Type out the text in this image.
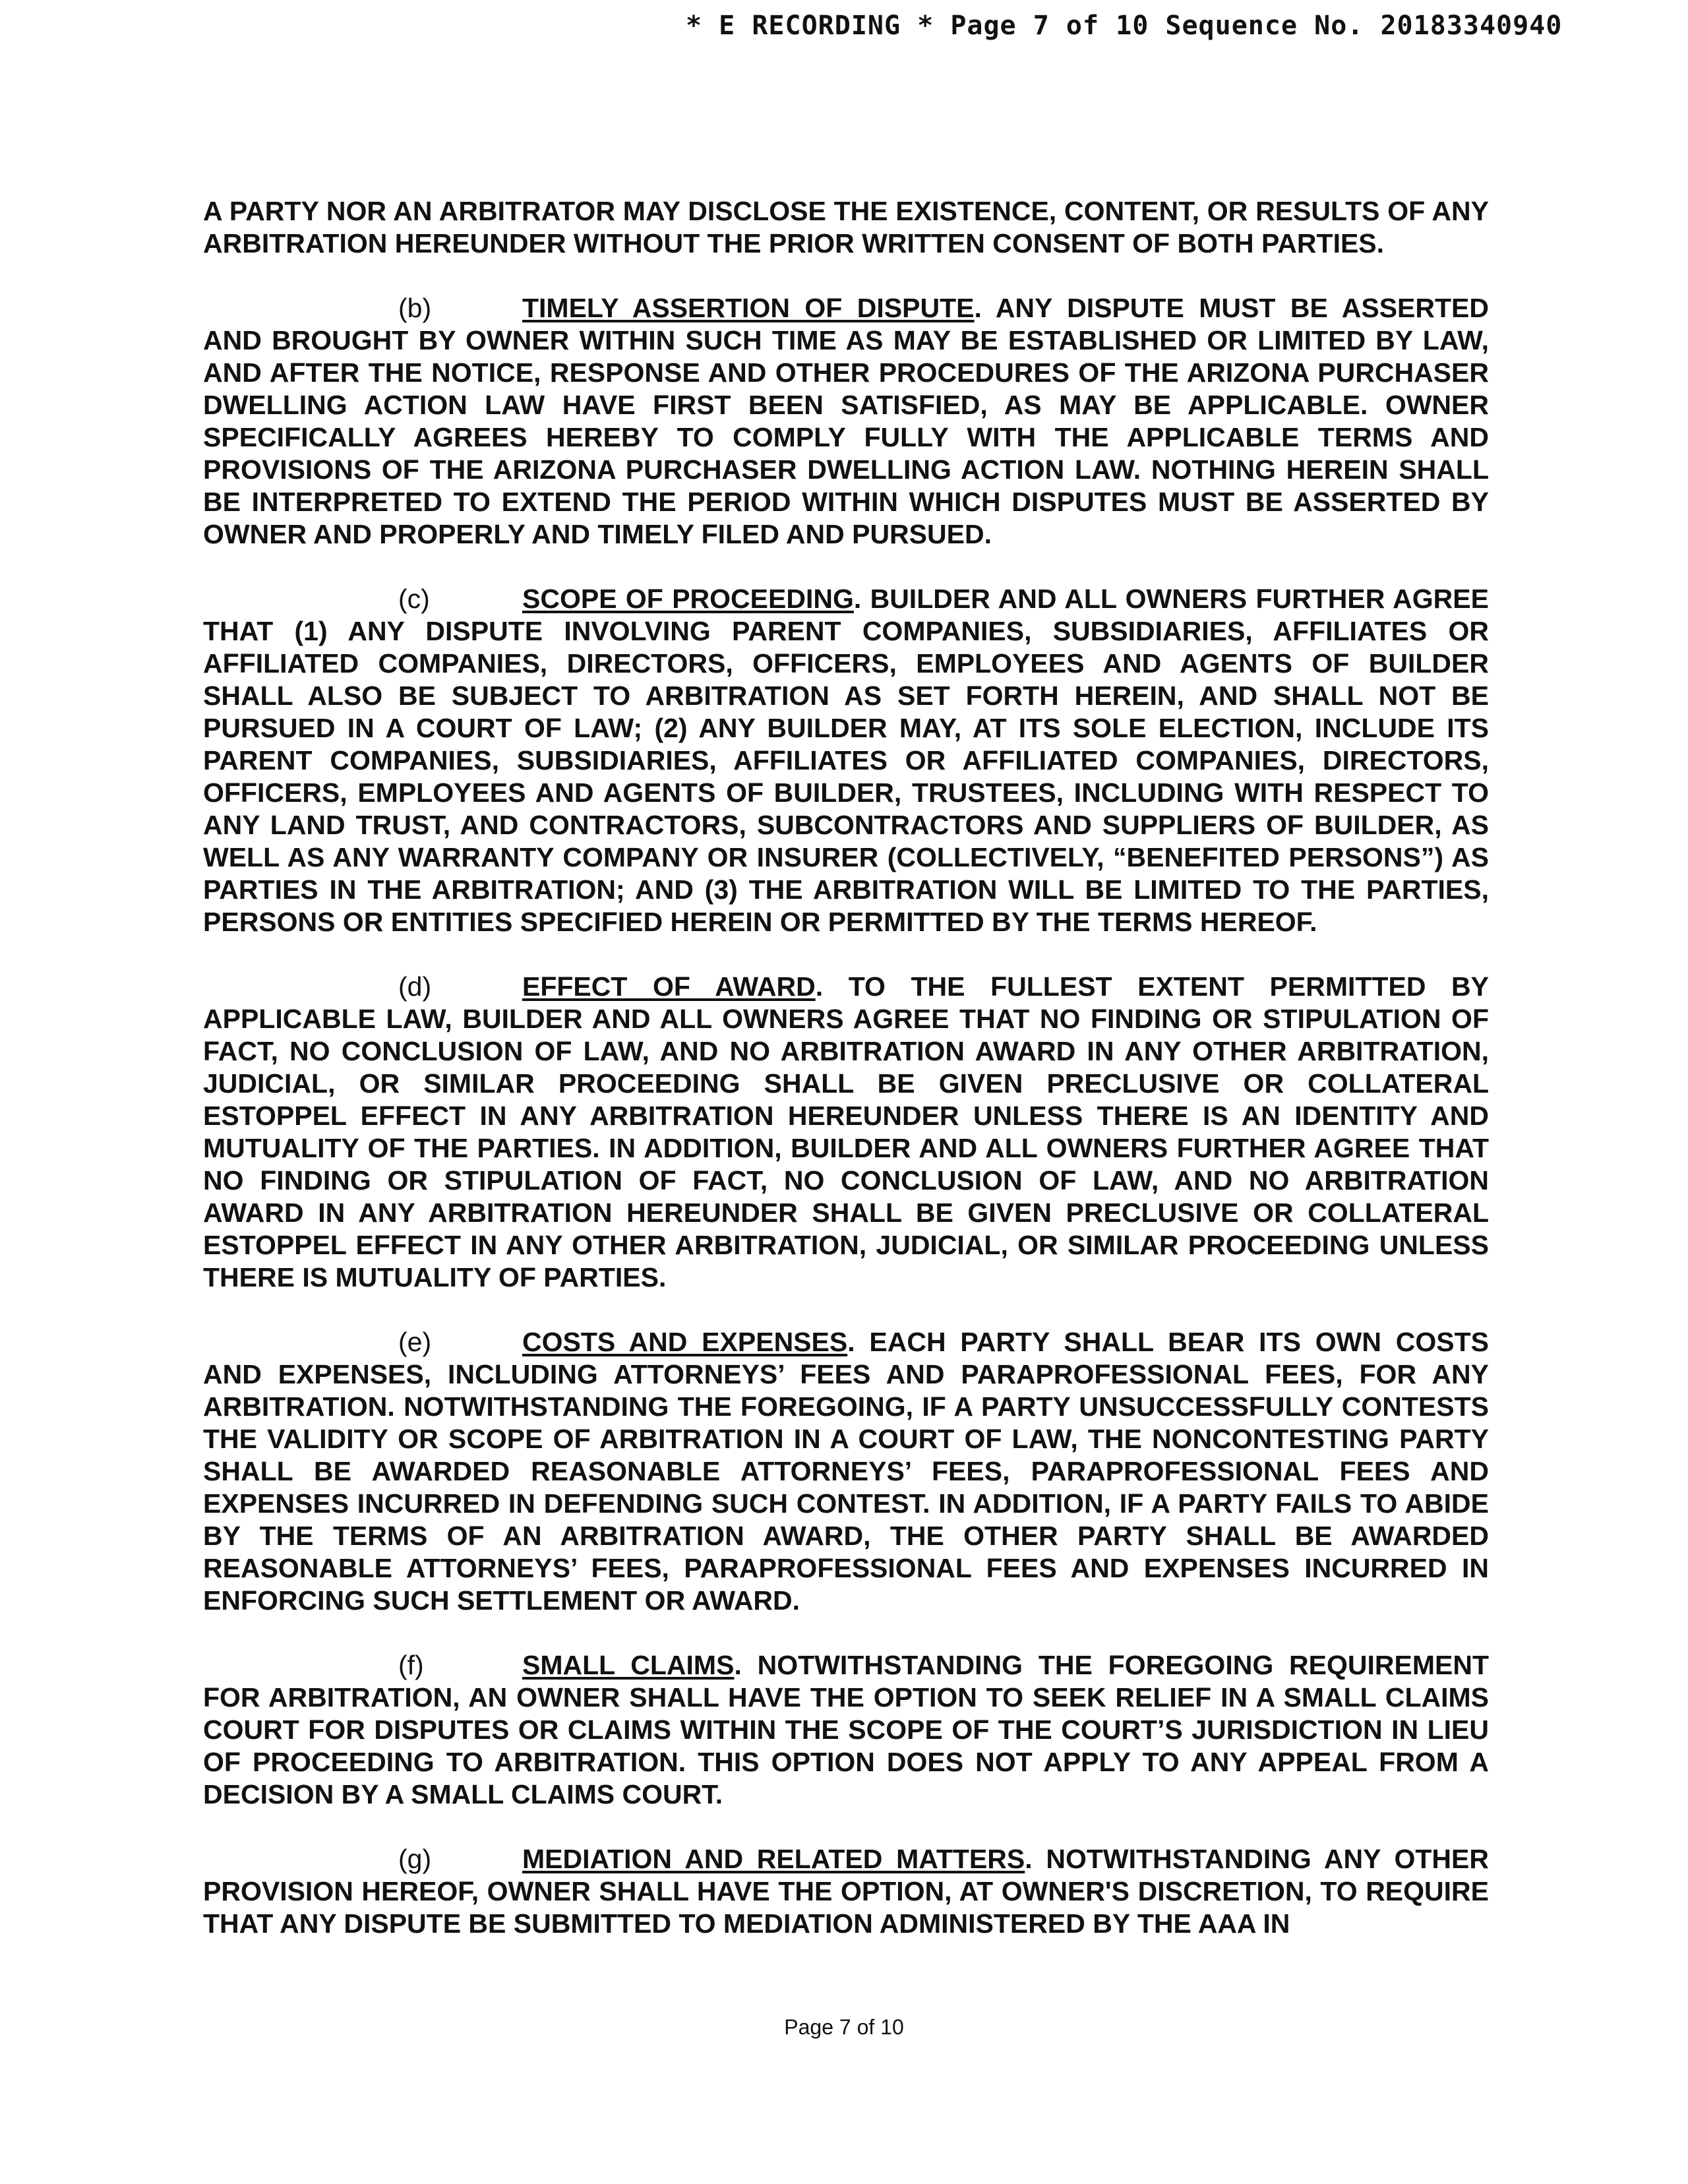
* E RECORDING * Page 7 of 10 Sequence No. 20183340940

A PARTY NOR AN ARBITRATOR MAY DISCLOSE THE EXISTENCE, CONTENT, OR RESULTS OF ANY ARBITRATION HEREUNDER WITHOUT THE PRIOR WRITTEN CONSENT OF BOTH PARTIES.

(b)	TIMELY ASSERTION OF DISPUTE. ANY DISPUTE MUST BE ASSERTED AND BROUGHT BY OWNER WITHIN SUCH TIME AS MAY BE ESTABLISHED OR LIMITED BY LAW, AND AFTER THE NOTICE, RESPONSE AND OTHER PROCEDURES OF THE ARIZONA PURCHASER DWELLING ACTION LAW HAVE FIRST BEEN SATISFIED, AS MAY BE APPLICABLE. OWNER SPECIFICALLY AGREES HEREBY TO COMPLY FULLY WITH THE APPLICABLE TERMS AND PROVISIONS OF THE ARIZONA PURCHASER DWELLING ACTION LAW. NOTHING HEREIN SHALL BE INTERPRETED TO EXTEND THE PERIOD WITHIN WHICH DISPUTES MUST BE ASSERTED BY OWNER AND PROPERLY AND TIMELY FILED AND PURSUED.

(c)	SCOPE OF PROCEEDING. BUILDER AND ALL OWNERS FURTHER AGREE THAT (1) ANY DISPUTE INVOLVING PARENT COMPANIES, SUBSIDIARIES, AFFILIATES OR AFFILIATED COMPANIES, DIRECTORS, OFFICERS, EMPLOYEES AND AGENTS OF BUILDER SHALL ALSO BE SUBJECT TO ARBITRATION AS SET FORTH HEREIN, AND SHALL NOT BE PURSUED IN A COURT OF LAW; (2) ANY BUILDER MAY, AT ITS SOLE ELECTION, INCLUDE ITS PARENT COMPANIES, SUBSIDIARIES, AFFILIATES OR AFFILIATED COMPANIES, DIRECTORS, OFFICERS, EMPLOYEES AND AGENTS OF BUILDER, TRUSTEES, INCLUDING WITH RESPECT TO ANY LAND TRUST, AND CONTRACTORS, SUBCONTRACTORS AND SUPPLIERS OF BUILDER, AS WELL AS ANY WARRANTY COMPANY OR INSURER (COLLECTIVELY, “BENEFITED PERSONS”) AS PARTIES IN THE ARBITRATION; AND (3) THE ARBITRATION WILL BE LIMITED TO THE PARTIES, PERSONS OR ENTITIES SPECIFIED HEREIN OR PERMITTED BY THE TERMS HEREOF.

(d)	EFFECT OF AWARD. TO THE FULLEST EXTENT PERMITTED BY APPLICABLE LAW, BUILDER AND ALL OWNERS AGREE THAT NO FINDING OR STIPULATION OF FACT, NO CONCLUSION OF LAW, AND NO ARBITRATION AWARD IN ANY OTHER ARBITRATION, JUDICIAL, OR SIMILAR PROCEEDING SHALL BE GIVEN PRECLUSIVE OR COLLATERAL ESTOPPEL EFFECT IN ANY ARBITRATION HEREUNDER UNLESS THERE IS AN IDENTITY AND MUTUALITY OF THE PARTIES. IN ADDITION, BUILDER AND ALL OWNERS FURTHER AGREE THAT NO FINDING OR STIPULATION OF FACT, NO CONCLUSION OF LAW, AND NO ARBITRATION AWARD IN ANY ARBITRATION HEREUNDER SHALL BE GIVEN PRECLUSIVE OR COLLATERAL ESTOPPEL EFFECT IN ANY OTHER ARBITRATION, JUDICIAL, OR SIMILAR PROCEEDING UNLESS THERE IS MUTUALITY OF PARTIES.

(e)	COSTS AND EXPENSES. EACH PARTY SHALL BEAR ITS OWN COSTS AND EXPENSES, INCLUDING ATTORNEYS’ FEES AND PARAPROFESSIONAL FEES, FOR ANY ARBITRATION. NOTWITHSTANDING THE FOREGOING, IF A PARTY UNSUCCESSFULLY CONTESTS THE VALIDITY OR SCOPE OF ARBITRATION IN A COURT OF LAW, THE NONCONTESTING PARTY SHALL BE AWARDED REASONABLE ATTORNEYS’ FEES, PARAPROFESSIONAL FEES AND EXPENSES INCURRED IN DEFENDING SUCH CONTEST. IN ADDITION, IF A PARTY FAILS TO ABIDE BY THE TERMS OF AN ARBITRATION AWARD, THE OTHER PARTY SHALL BE AWARDED REASONABLE ATTORNEYS’ FEES, PARAPROFESSIONAL FEES AND EXPENSES INCURRED IN ENFORCING SUCH SETTLEMENT OR AWARD.

(f)	SMALL CLAIMS. NOTWITHSTANDING THE FOREGOING REQUIREMENT FOR ARBITRATION, AN OWNER SHALL HAVE THE OPTION TO SEEK RELIEF IN A SMALL CLAIMS COURT FOR DISPUTES OR CLAIMS WITHIN THE SCOPE OF THE COURT’S JURISDICTION IN LIEU OF PROCEEDING TO ARBITRATION. THIS OPTION DOES NOT APPLY TO ANY APPEAL FROM A DECISION BY A SMALL CLAIMS COURT.

(g)	MEDIATION AND RELATED MATTERS. NOTWITHSTANDING ANY OTHER PROVISION HEREOF, OWNER SHALL HAVE THE OPTION, AT OWNER'S DISCRETION, TO REQUIRE THAT ANY DISPUTE BE SUBMITTED TO MEDIATION ADMINISTERED BY THE AAA IN

Page 7 of 10
